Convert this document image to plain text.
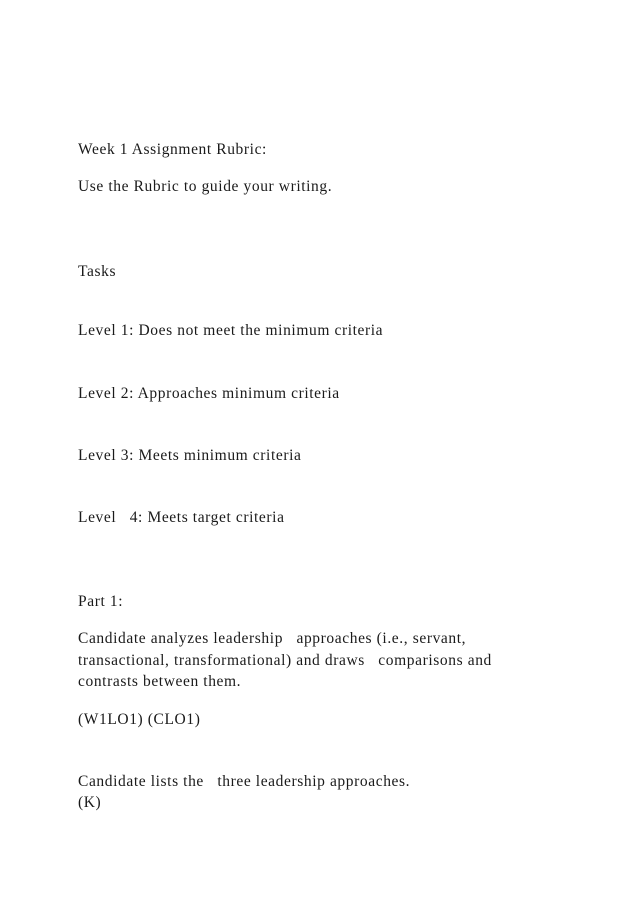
Week 1 Assignment Rubric:
Use the Rubric to guide your writing.
Tasks
Level 1: Does not meet the minimum criteria
Level 2: Approaches minimum criteria
Level 3: Meets minimum criteria
Level   4: Meets target criteria
Part 1:
Candidate analyzes leadership   approaches (i.e., servant,
transactional, transformational) and draws   comparisons and
contrasts between them.
(W1LO1) (CLO1)
Candidate lists the   three leadership approaches.
(K)
